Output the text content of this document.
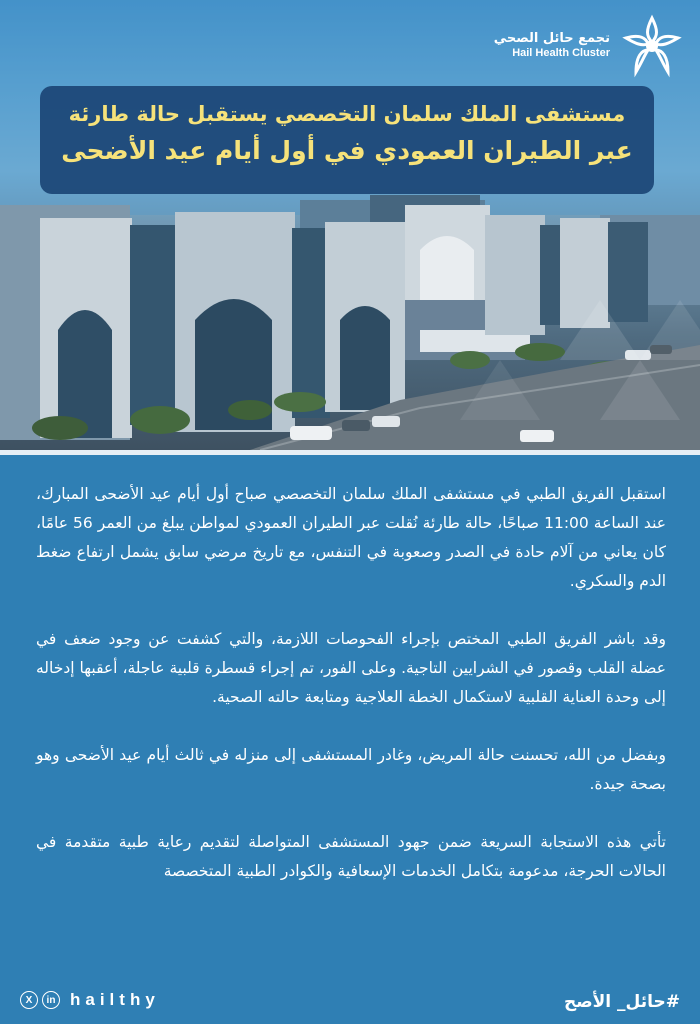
تجمع حائل الصحي
Hail Health Cluster
مستشفى الملك سلمان التخصصي يستقبل حالة طارئة
عبر الطيران العمودي في أول أيام عيد الأضحى

استقبل الفريق الطبي في مستشفى الملك سلمان التخصصي صباح أول أيام عيد الأضحى المبارك، عند الساعة 11:00 صباحًا، حالة طارئة نُقلت عبر الطيران العمودي لمواطن يبلغ من العمر 56 عامًا، كان يعاني من آلام حادة في الصدر وصعوبة في التنفس، مع تاريخ مرضي سابق يشمل ارتفاع ضغط الدم والسكري.

وقد باشر الفريق الطبي المختص بإجراء الفحوصات اللازمة، والتي كشفت عن وجود ضعف في عضلة القلب وقصور في الشرايين التاجية. وعلى الفور، تم إجراء قسطرة قلبية عاجلة، أعقبها إدخاله إلى وحدة العناية القلبية لاستكمال الخطة العلاجية ومتابعة حالته الصحية.

وبفضل من الله، تحسنت حالة المريض، وغادر المستشفى إلى منزله في ثالث أيام عيد الأضحى وهو بصحة جيدة.

تأتي هذه الاستجابة السريعة ضمن جهود المستشفى المتواصلة لتقديم رعاية طبية متقدمة في الحالات الحرجة، مدعومة بتكامل الخدمات الإسعافية والكوادر الطبية المتخصصة

X	in hailthy	#حائل_ الأصح
